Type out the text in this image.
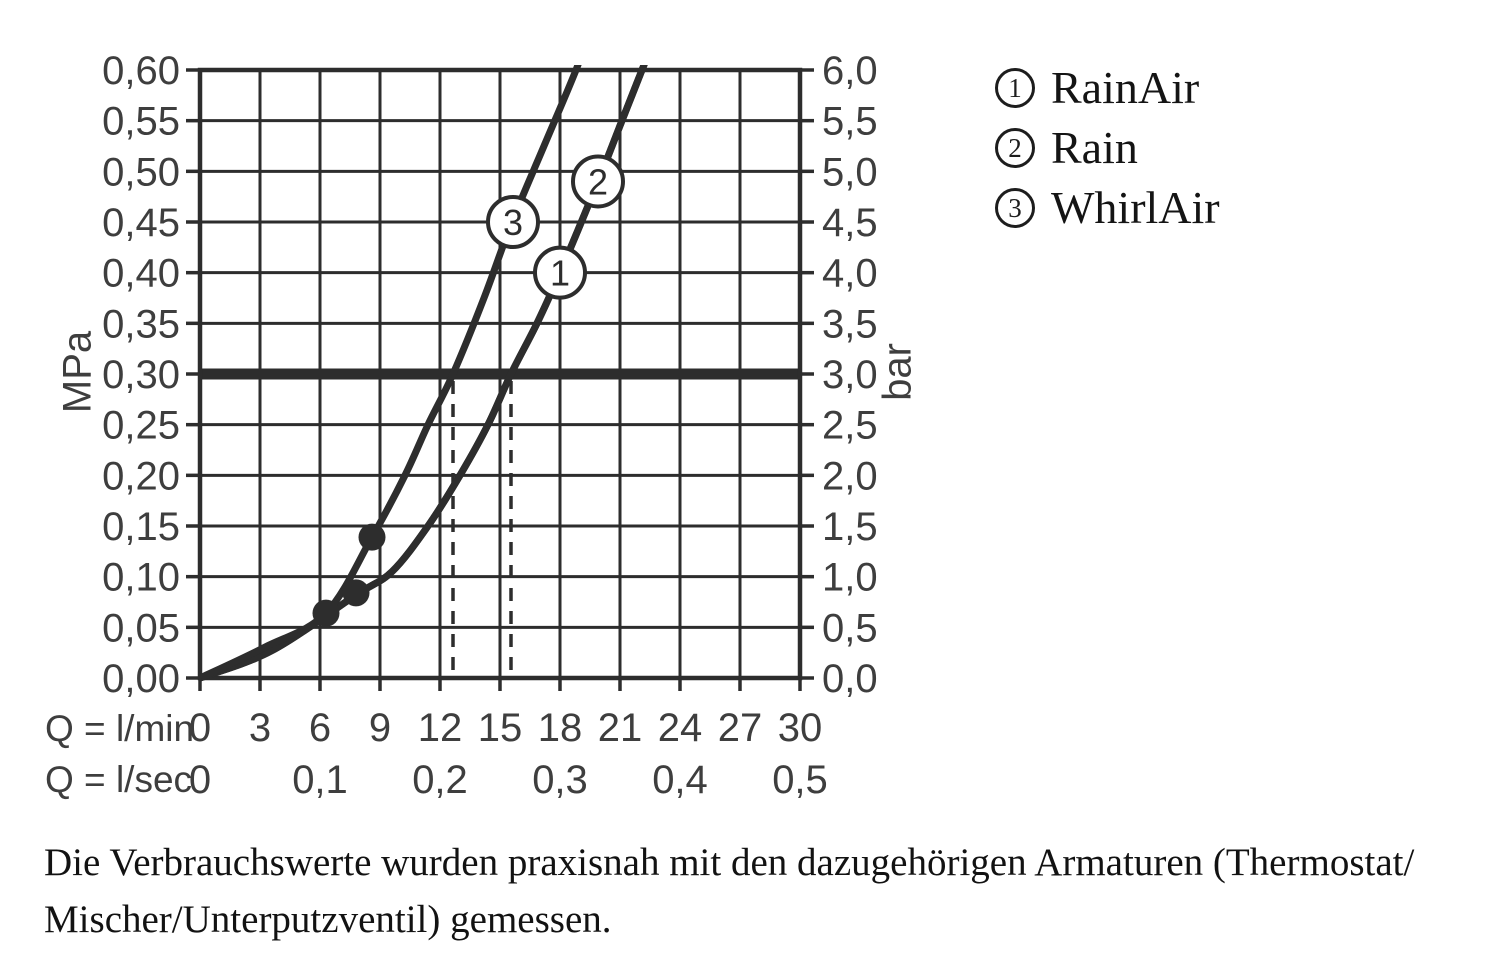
0,60	6,0
0,55	5,5
0,50	5,0
0,45	4,5
0,40	4,0
0,35	3,5
0,30	3,0
0,25	2,5
0,20	2,0
0,15	1,5
0,10	1,0
0,05	0,5
0,00	0,0
0 3 6 9 12 15 18 21 24 27 30
0 0,1 0,2 0,3 0,4 0,5
1
2
3
MPa	bar
Q = l/min
Q = l/sec
1 RainAir
2 Rain
3 WhirlAir
Die Verbrauchswerte wurden praxisnah mit den dazugehörigen Armaturen (Thermostat/
Mischer/Unterputzventil) gemessen.
